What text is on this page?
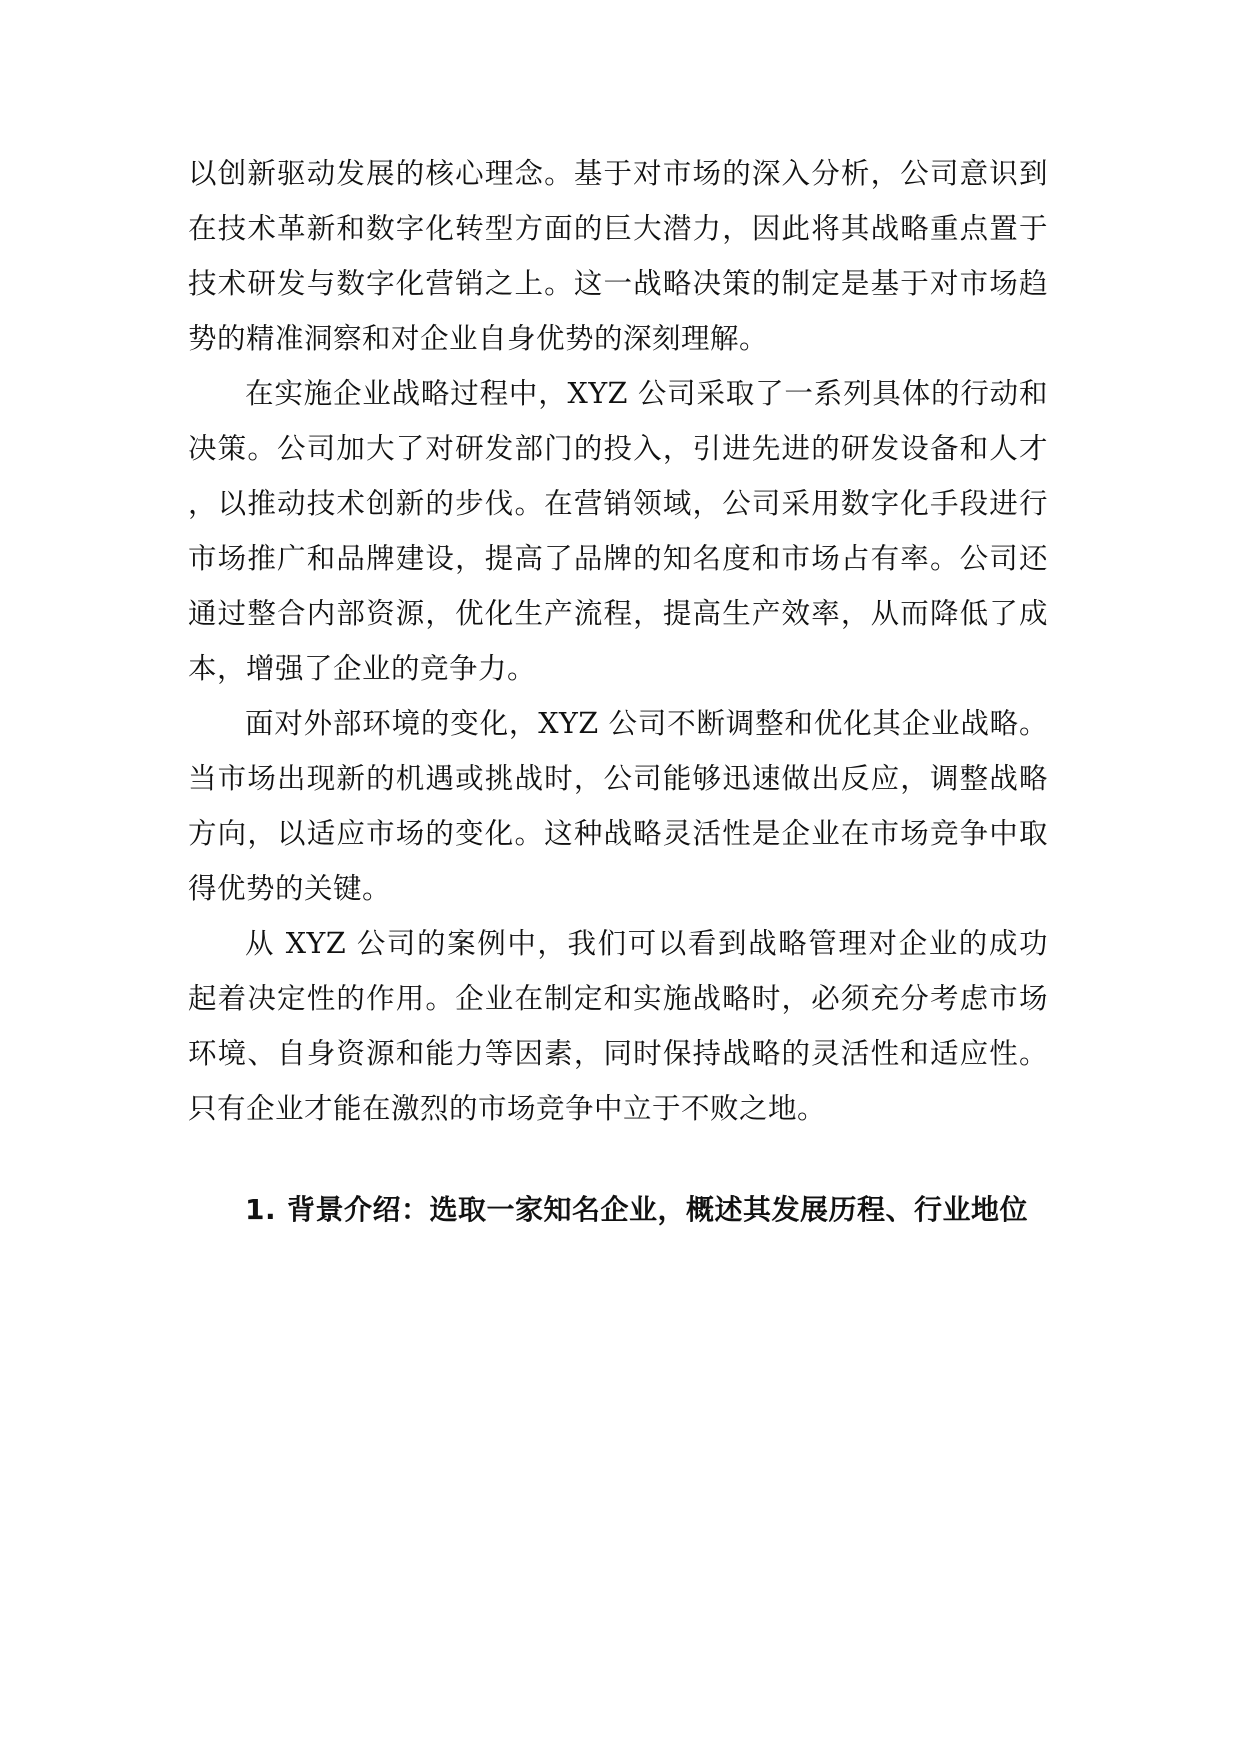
以创新驱动发展的核心理念。基于对市场的深入分析，公司意识到在技术革新和数字化转型方面的巨大潜力，因此将其战略重点置于技术研发与数字化营销之上。这一战略决策的制定是基于对市场趋势的精准洞察和对企业自身优势的深刻理解。

在实施企业战略过程中，XYZ 公司采取了一系列具体的行动和决策。公司加大了对研发部门的投入，引进先进的研发设备和人才，以推动技术创新的步伐。在营销领域，公司采用数字化手段进行市场推广和品牌建设，提高了品牌的知名度和市场占有率。公司还通过整合内部资源，优化生产流程，提高生产效率，从而降低了成本，增强了企业的竞争力。

面对外部环境的变化，XYZ 公司不断调整和优化其企业战略。当市场出现新的机遇或挑战时，公司能够迅速做出反应，调整战略方向，以适应市场的变化。这种战略灵活性是企业在市场竞争中取得优势的关键。

从 XYZ 公司的案例中，我们可以看到战略管理对企业的成功起着决定性的作用。企业在制定和实施战略时，必须充分考虑市场环境、自身资源和能力等因素，同时保持战略的灵活性和适应性。只有企业才能在激烈的市场竞争中立于不败之地。

1. 背景介绍：选取一家知名企业，概述其发展历程、行业地位
